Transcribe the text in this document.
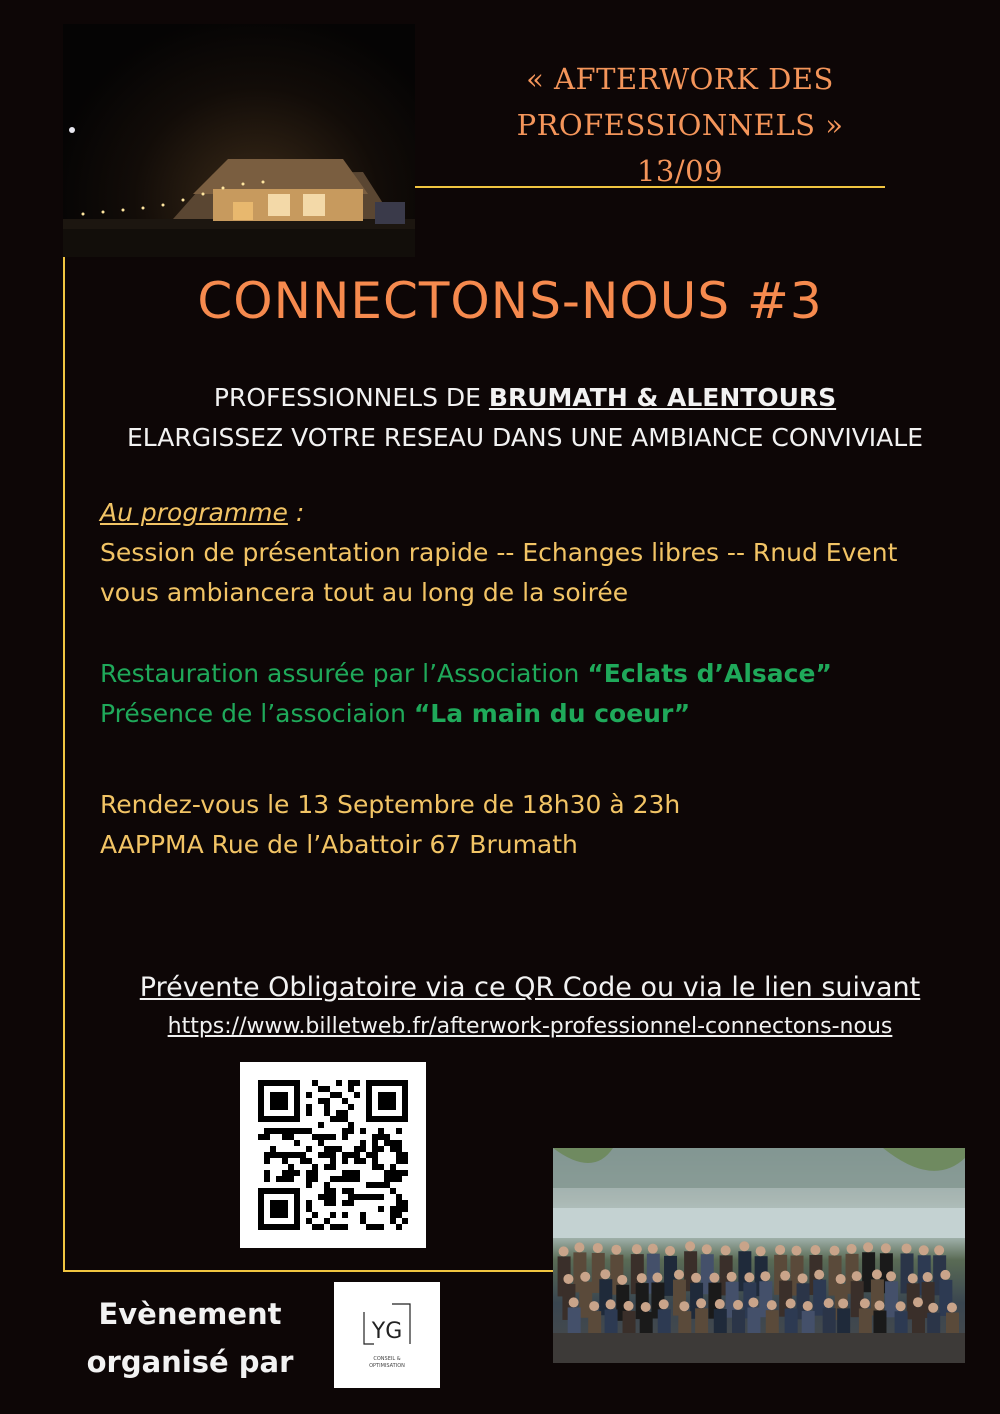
« AFTERWORK DES
PROFESSIONNELS »
13/09
CONNECTONS-NOUS #3
PROFESSIONNELS DE BRUMATH & ALENTOURS
ELARGISSEZ VOTRE RESEAU DANS UNE AMBIANCE CONVIVIALE
Au programme :
Session de présentation rapide -- Echanges libres -- Rnud Event
vous ambiancera tout au long de la soirée
Restauration assurée par l’Association “Eclats d’Alsace”
Présence de l’associaion “La main du coeur”
Rendez-vous le 13 Septembre de 18h30 à 23h
AAPPMA Rue de l’Abattoir 67 Brumath
Prévente Obligatoire via ce QR Code ou via le lien suivant
https://www.billetweb.fr/afterwork-professionnel-connectons-nous
Evènement
organisé par
YG
CONSEIL &
OPTIMISATION
